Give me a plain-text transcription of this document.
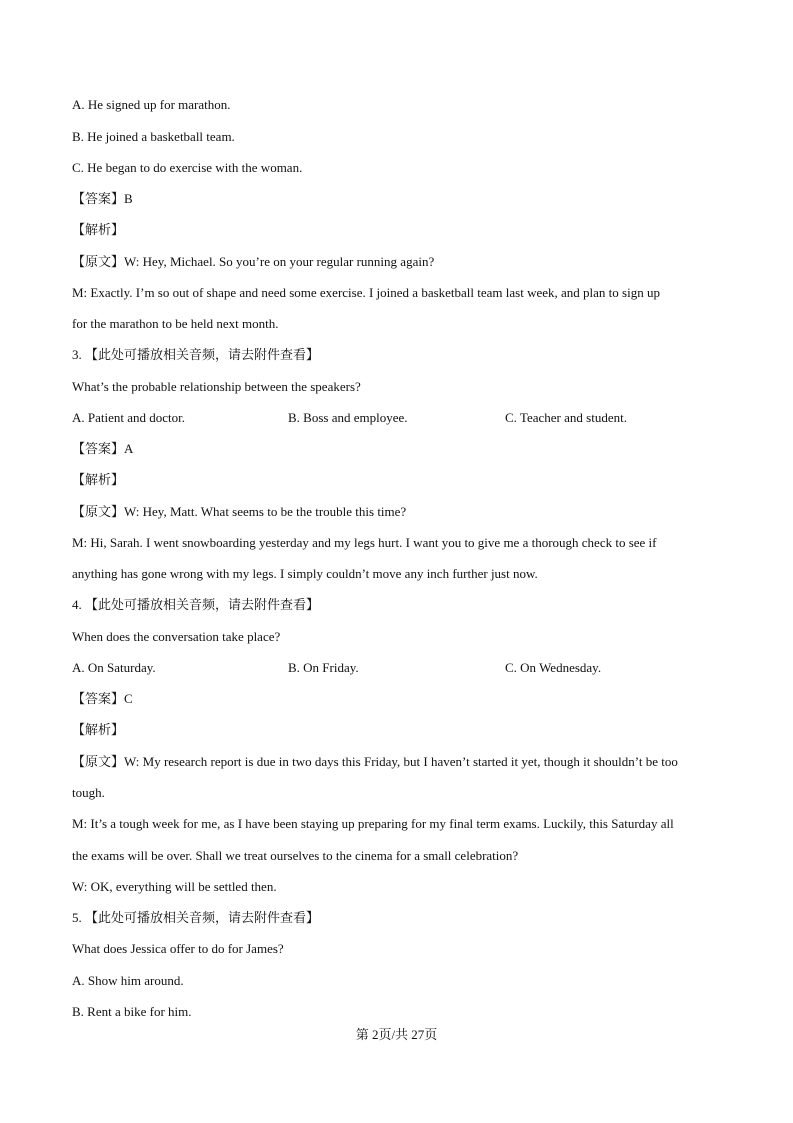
A. He signed up for marathon.
B. He joined a basketball team.
C. He began to do exercise with the woman.
【答案】B
【解析】
【原文】W: Hey, Michael. So you’re on your regular running again?
M: Exactly. I’m so out of shape and need some exercise. I joined a basketball team last week, and plan to sign up
for the marathon to be held next month.
3. 【此处可播放相关音频，请去附件查看】
What’s the probable relationship between the speakers?
A. Patient and doctor.	B. Boss and employee.	C. Teacher and student.
【答案】A
【解析】
【原文】W: Hey, Matt. What seems to be the trouble this time?
M: Hi, Sarah. I went snowboarding yesterday and my legs hurt. I want you to give me a thorough check to see if
anything has gone wrong with my legs. I simply couldn’t move any inch further just now.
4. 【此处可播放相关音频，请去附件查看】
When does the conversation take place?
A. On Saturday.	B. On Friday.	C. On Wednesday.
【答案】C
【解析】
【原文】W: My research report is due in two days this Friday, but I haven’t started it yet, though it shouldn’t be too
tough.
M: It’s a tough week for me, as I have been staying up preparing for my final term exams. Luckily, this Saturday all
the exams will be over. Shall we treat ourselves to the cinema for a small celebration?
W: OK, everything will be settled then.
5. 【此处可播放相关音频，请去附件查看】
What does Jessica offer to do for James?
A. Show him around.
B. Rent a bike for him.
第 2页/共 27页
